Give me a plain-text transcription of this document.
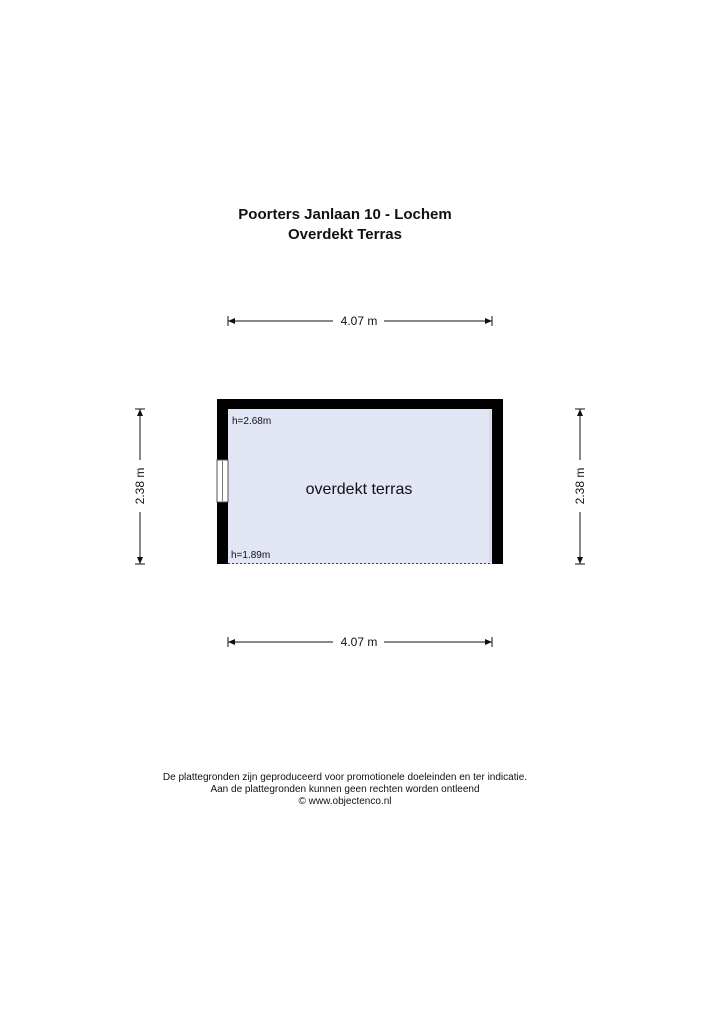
Poorters Janlaan 10 - Lochem
Overdekt Terras
4.07 m
4.07 m
2.38 m	2.38 m
h=2.68m
h=1.89m
overdekt terras
De plattegronden zijn geproduceerd voor promotionele doeleinden en ter indicatie.
Aan de plattegronden kunnen geen rechten worden ontleend
© www.objectenco.nl
